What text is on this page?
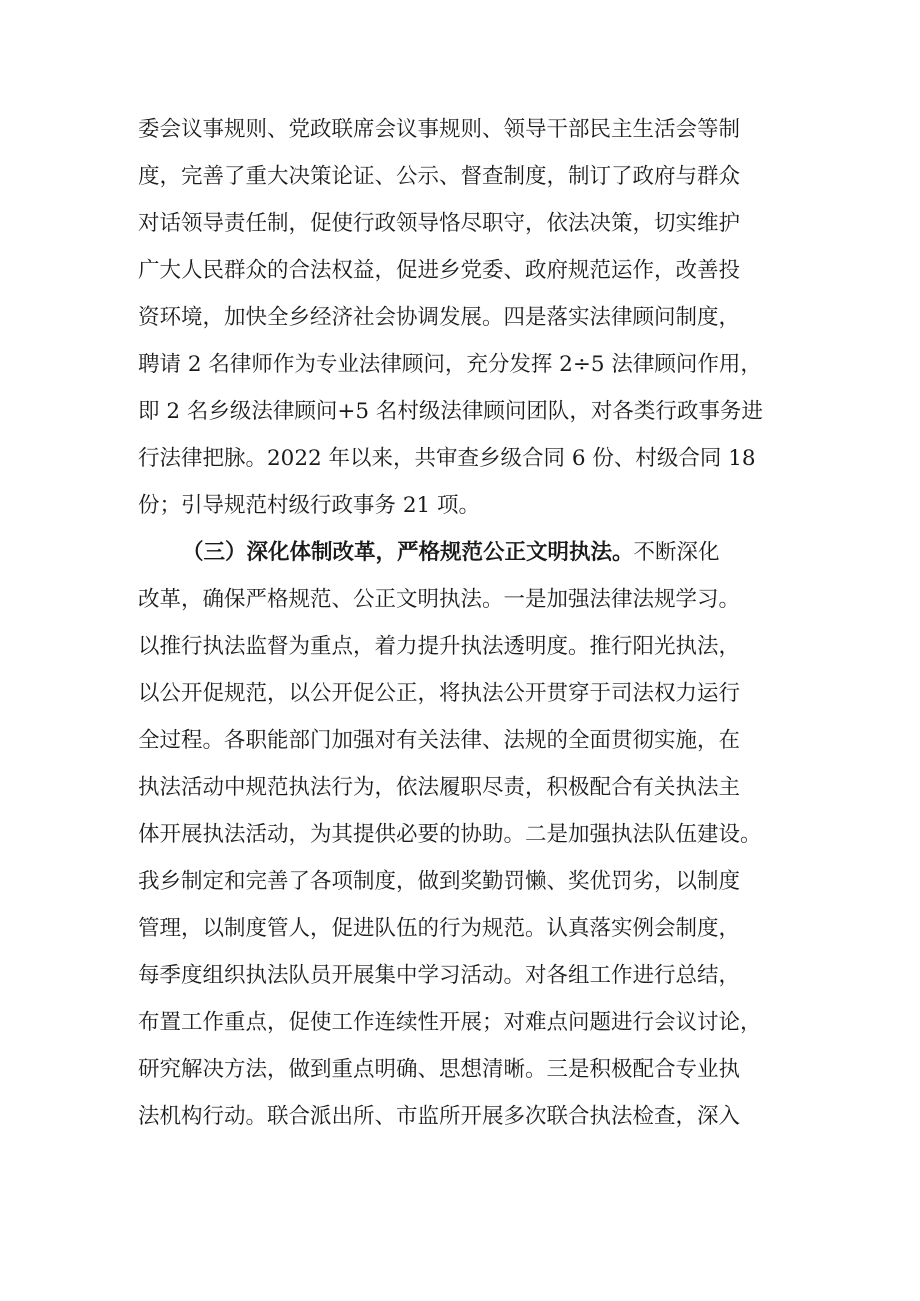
委会议事规则、党政联席会议事规则、领导干部民主生活会等制
度，完善了重大决策论证、公示、督查制度，制订了政府与群众
对话领导责任制，促使行政领导恪尽职守，依法决策，切实维护
广大人民群众的合法权益，促进乡党委、政府规范运作，改善投
资环境，加快全乡经济社会协调发展。四是落实法律顾问制度，
聘请 2 名律师作为专业法律顾问，充分发挥 2÷5 法律顾问作用，
即 2 名乡级法律顾问+5 名村级法律顾问团队，对各类行政事务进
行法律把脉。2022 年以来，共审查乡级合同 6 份、村级合同 18
份；引导规范村级行政事务 21 项。
（三）深化体制改革，严格规范公正文明执法。不断深化
改革，确保严格规范、公正文明执法。一是加强法律法规学习。
以推行执法监督为重点，着力提升执法透明度。推行阳光执法，
以公开促规范，以公开促公正，将执法公开贯穿于司法权力运行
全过程。各职能部门加强对有关法律、法规的全面贯彻实施，在
执法活动中规范执法行为，依法履职尽责，积极配合有关执法主
体开展执法活动，为其提供必要的协助。二是加强执法队伍建设。
我乡制定和完善了各项制度，做到奖勤罚懒、奖优罚劣，以制度
管理，以制度管人，促进队伍的行为规范。认真落实例会制度，
每季度组织执法队员开展集中学习活动。对各组工作进行总结，
布置工作重点，促使工作连续性开展；对难点问题进行会议讨论，
研究解决方法，做到重点明确、思想清晰。三是积极配合专业执
法机构行动。联合派出所、市监所开展多次联合执法检查，深入
